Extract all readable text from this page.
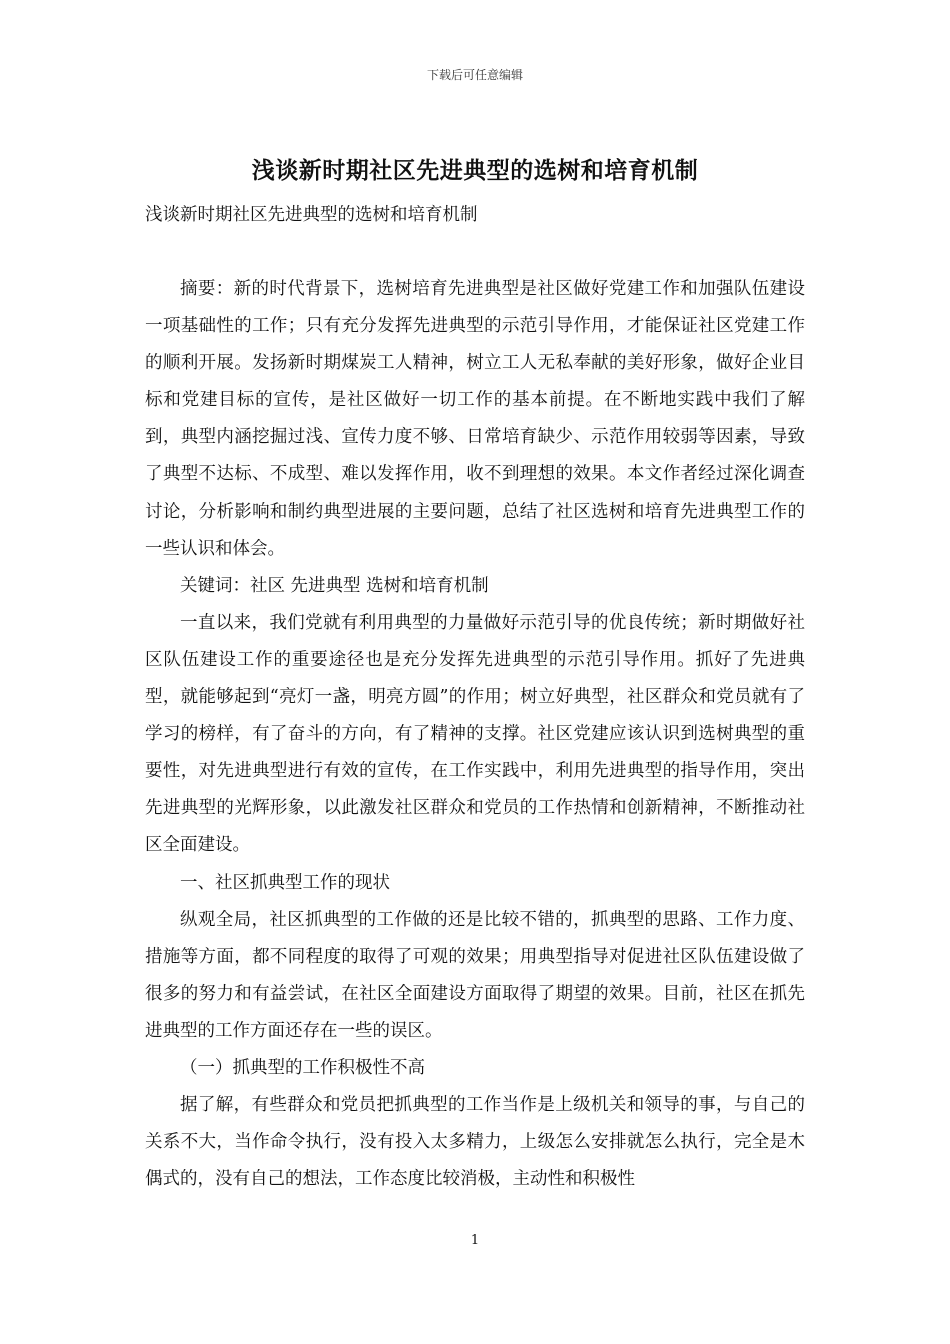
下载后可任意编辑
浅谈新时期社区先进典型的选树和培育机制
浅谈新时期社区先进典型的选树和培育机制

摘要：新的时代背景下，选树培育先进典型是社区做好党建工作和加强队伍建设一项基础性的工作；只有充分发挥先进典型的示范引导作用，才能保证社区党建工作的顺利开展。发扬新时期煤炭工人精神，树立工人无私奉献的美好形象，做好企业目标和党建目标的宣传，是社区做好一切工作的基本前提。在不断地实践中我们了解到，典型内涵挖掘过浅、宣传力度不够、日常培育缺少、示范作用较弱等因素，导致了典型不达标、不成型、难以发挥作用，收不到理想的效果。本文作者经过深化调查讨论，分析影响和制约典型进展的主要问题，总结了社区选树和培育先进典型工作的一些认识和体会。

关键词：社区 先进典型 选树和培育机制

一直以来，我们党就有利用典型的力量做好示范引导的优良传统；新时期做好社区队伍建设工作的重要途径也是充分发挥先进典型的示范引导作用。抓好了先进典型，就能够起到“亮灯一盏，明亮方圆”的作用；树立好典型，社区群众和党员就有了学习的榜样，有了奋斗的方向，有了精神的支撑。社区党建应该认识到选树典型的重要性，对先进典型进行有效的宣传，在工作实践中，利用先进典型的指导作用，突出先进典型的光辉形象，以此激发社区群众和党员的工作热情和创新精神，不断推动社区全面建设。

一、社区抓典型工作的现状

纵观全局，社区抓典型的工作做的还是比较不错的，抓典型的思路、工作力度、措施等方面，都不同程度的取得了可观的效果；用典型指导对促进社区队伍建设做了很多的努力和有益尝试，在社区全面建设方面取得了期望的效果。目前，社区在抓先进典型的工作方面还存在一些的误区。

（一）抓典型的工作积极性不高

据了解，有些群众和党员把抓典型的工作当作是上级机关和领导的事，与自己的关系不大，当作命令执行，没有投入太多精力，上级怎么安排就怎么执行，完全是木偶式的，没有自己的想法，工作态度比较消极，主动性和积极性

1
